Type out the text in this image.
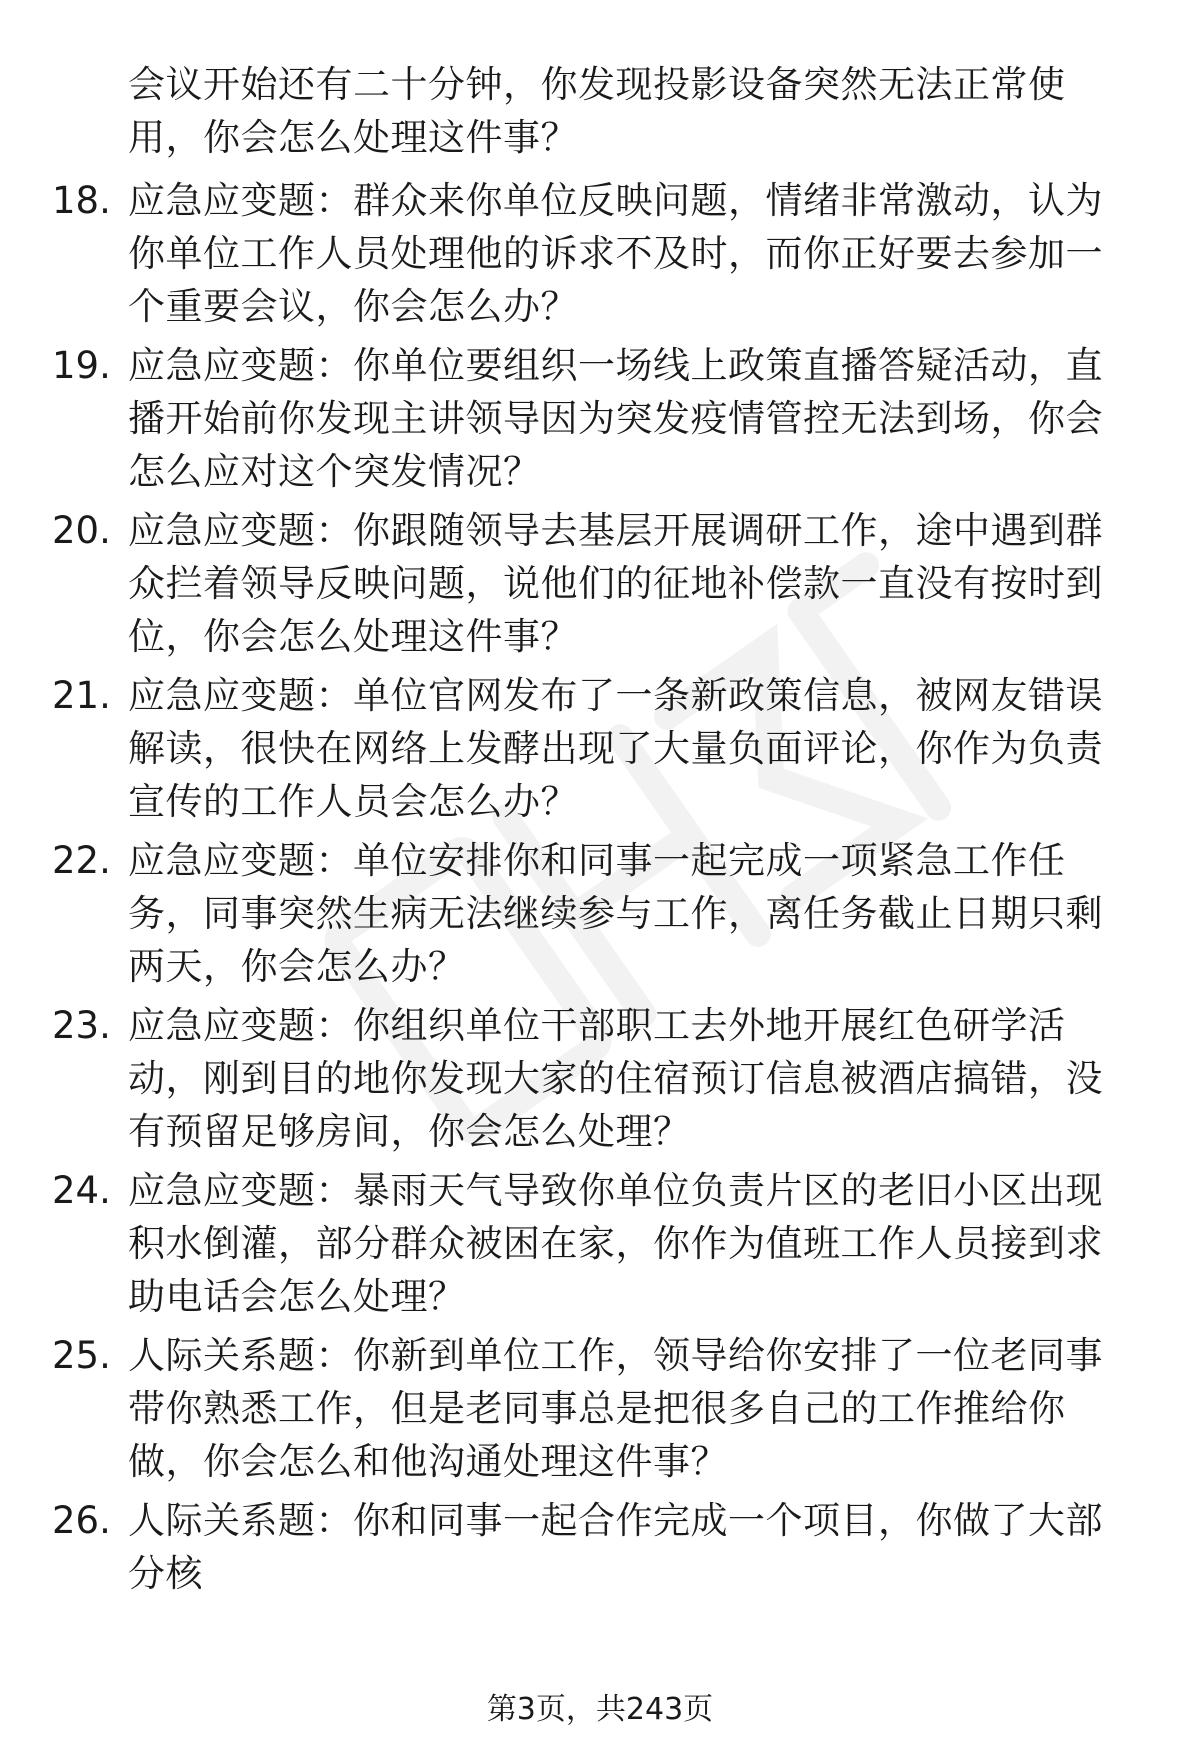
会议开始还有二十分钟，你发现投影设备突然无法正常使用，你会怎么处理这件事？
18. 应急应变题：群众来你单位反映问题，情绪非常激动，认为你单位工作人员处理他的诉求不及时，而你正好要去参加一个重要会议，你会怎么办？
19. 应急应变题：你单位要组织一场线上政策直播答疑活动，直播开始前你发现主讲领导因为突发疫情管控无法到场，你会怎么应对这个突发情况？
20. 应急应变题：你跟随领导去基层开展调研工作，途中遇到群众拦着领导反映问题，说他们的征地补偿款一直没有按时到位，你会怎么处理这件事？
21. 应急应变题：单位官网发布了一条新政策信息，被网友错误解读，很快在网络上发酵出现了大量负面评论，你作为负责宣传的工作人员会怎么办？
22. 应急应变题：单位安排你和同事一起完成一项紧急工作任务，同事突然生病无法继续参与工作，离任务截止日期只剩两天，你会怎么办？
23. 应急应变题：你组织单位干部职工去外地开展红色研学活动，刚到目的地你发现大家的住宿预订信息被酒店搞错，没有预留足够房间，你会怎么处理？
24. 应急应变题：暴雨天气导致你单位负责片区的老旧小区出现积水倒灌，部分群众被困在家，你作为值班工作人员接到求助电话会怎么处理？
25. 人际关系题：你新到单位工作，领导给你安排了一位老同事带你熟悉工作，但是老同事总是把很多自己的工作推给你做，你会怎么和他沟通处理这件事？
26. 人际关系题：你和同事一起合作完成一个项目，你做了大部分核
第3页，共243页
